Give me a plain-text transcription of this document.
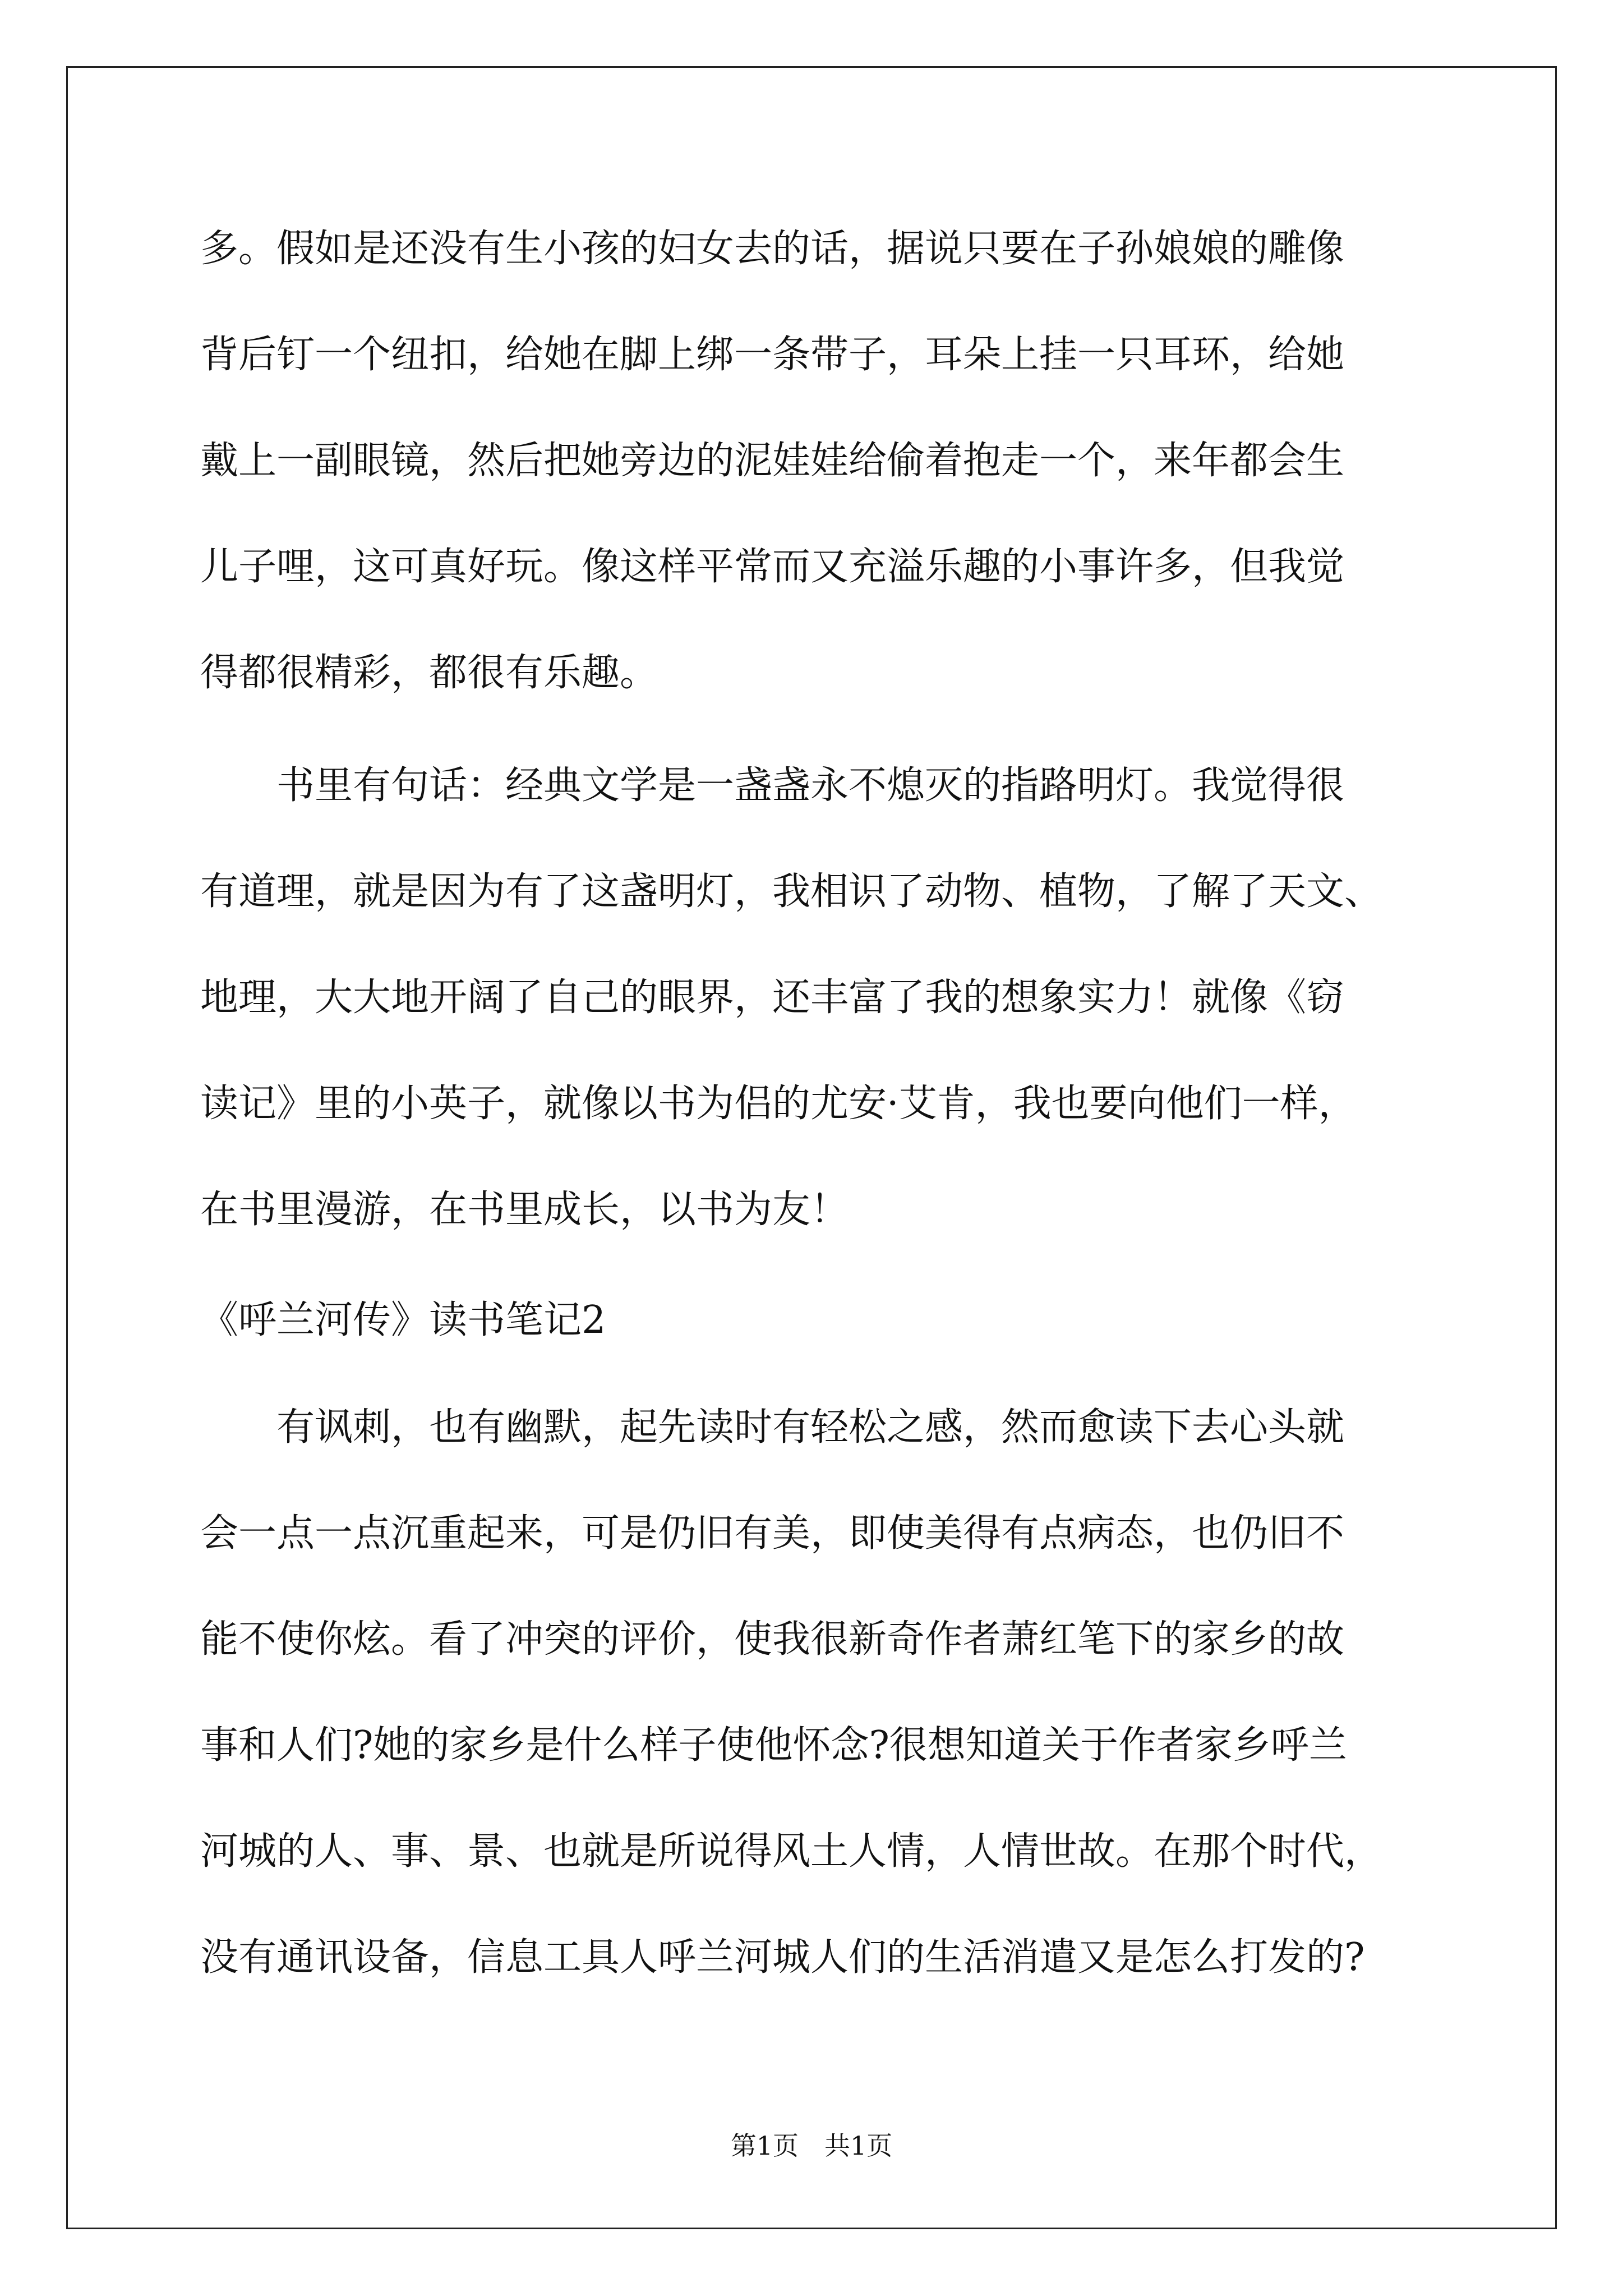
多。假如是还没有生小孩的妇女去的话，据说只要在子孙娘娘的雕像
背后钉一个纽扣，给她在脚上绑一条带子，耳朵上挂一只耳环，给她
戴上一副眼镜，然后把她旁边的泥娃娃给偷着抱走一个，来年都会生
儿子哩，这可真好玩。像这样平常而又充溢乐趣的小事许多，但我觉
得都很精彩，都很有乐趣。
　　书里有句话：经典文学是一盏盏永不熄灭的指路明灯。我觉得很
有道理，就是因为有了这盏明灯，我相识了动物、植物，了解了天文、
地理，大大地开阔了自己的眼界，还丰富了我的想象实力！就像《窃
读记》里的小英子，就像以书为侣的尤安·艾肯，我也要向他们一样，
在书里漫游，在书里成长，以书为友！
《呼兰河传》读书笔记2
　　有讽刺，也有幽默，起先读时有轻松之感，然而愈读下去心头就
会一点一点沉重起来，可是仍旧有美，即使美得有点病态，也仍旧不
能不使你炫。看了冲突的评价，使我很新奇作者萧红笔下的家乡的故
事和人们?她的家乡是什么样子使他怀念?很想知道关于作者家乡呼兰
河城的人、事、景、也就是所说得风土人情，人情世故。在那个时代，
没有通讯设备，信息工具人呼兰河城人们的生活消遣又是怎么打发的?
第1页　共1页
